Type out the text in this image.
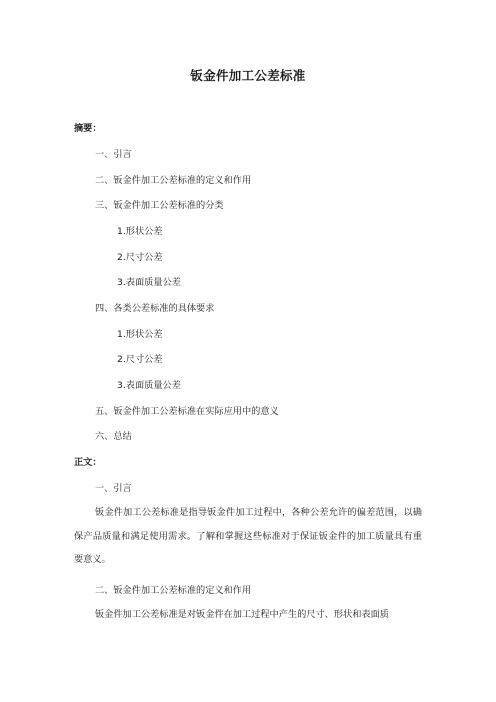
钣金件加工公差标准
摘要：
一、引言
二、钣金件加工公差标准的定义和作用
三、钣金件加工公差标准的分类
1.形状公差
2.尺寸公差
3.表面质量公差
四、各类公差标准的具体要求
1.形状公差
2.尺寸公差
3.表面质量公差
五、钣金件加工公差标准在实际应用中的意义
六、总结
正文：
一、引言
钣金件加工公差标准是指导钣金件加工过程中，各种公差允许的偏差范围，以确保产品质量和满足使用需求。了解和掌握这些标准对于保证钣金件的加工质量具有重要意义。
二、钣金件加工公差标准的定义和作用
钣金件加工公差标准是对钣金件在加工过程中产生的尺寸、形状和表面质
